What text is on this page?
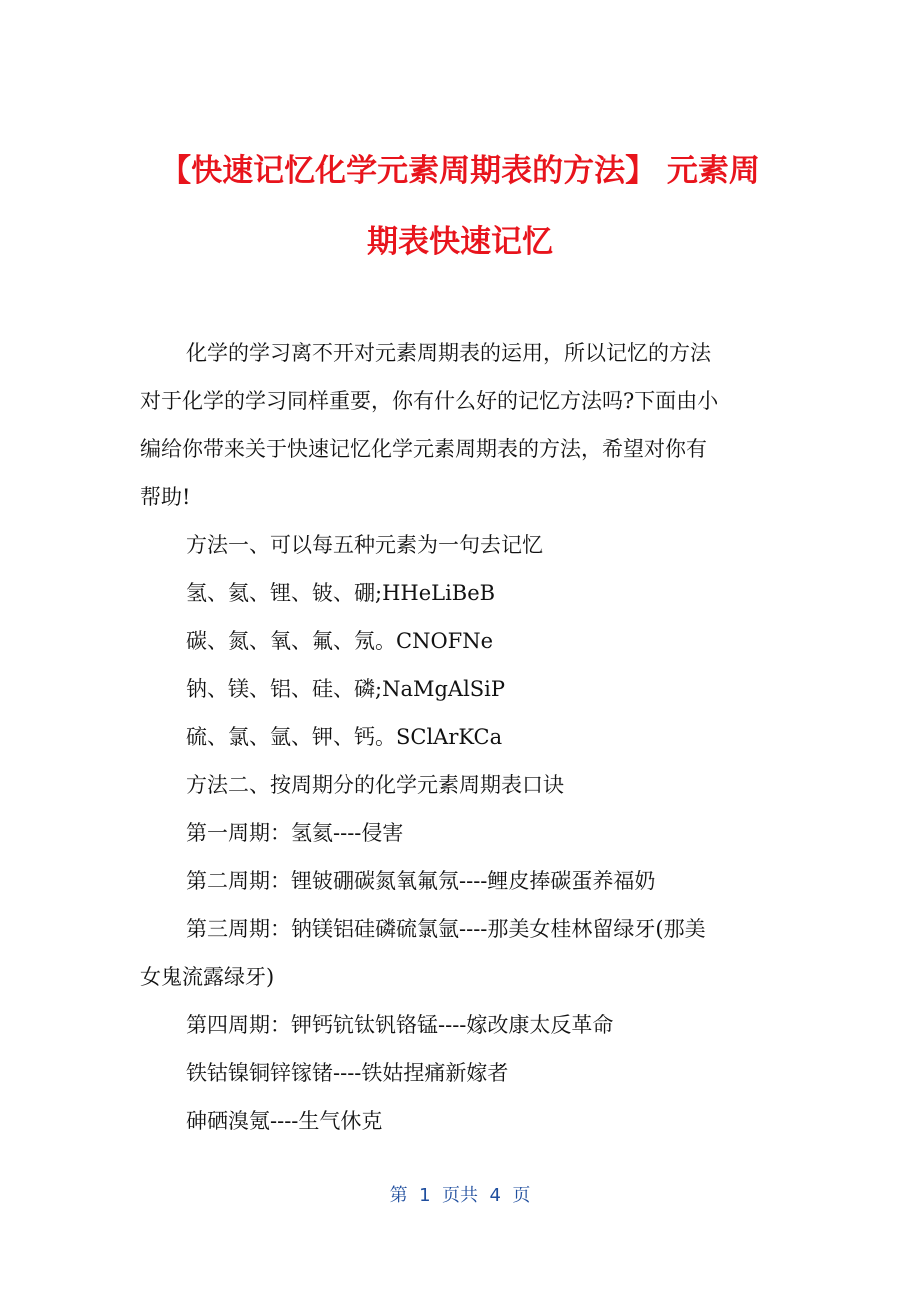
【快速记忆化学元素周期表的方法】 元素周
期表快速记忆

化学的学习离不开对元素周期表的运用，所以记忆的方法

对于化学的学习同样重要，你有什么好的记忆方法吗?下面由小

编给你带来关于快速记忆化学元素周期表的方法，希望对你有

帮助!

方法一、可以每五种元素为一句去记忆

氢、氦、锂、铍、硼;HHeLiBeB

碳、氮、氧、氟、氖。CNOFNe

钠、镁、铝、硅、磷;NaMgAlSiP

硫、氯、氩、钾、钙。SClArKCa

方法二、按周期分的化学元素周期表口诀

第一周期：氢氦----侵害

第二周期：锂铍硼碳氮氧氟氖----鲤皮捧碳蛋养福奶

第三周期：钠镁铝硅磷硫氯氩----那美女桂林留绿牙(那美

女鬼流露绿牙)

第四周期：钾钙钪钛钒铬锰----嫁改康太反革命

铁钴镍铜锌镓锗----铁姑捏痛新嫁者

砷硒溴氪----生气休克

第  1  页共  4  页
